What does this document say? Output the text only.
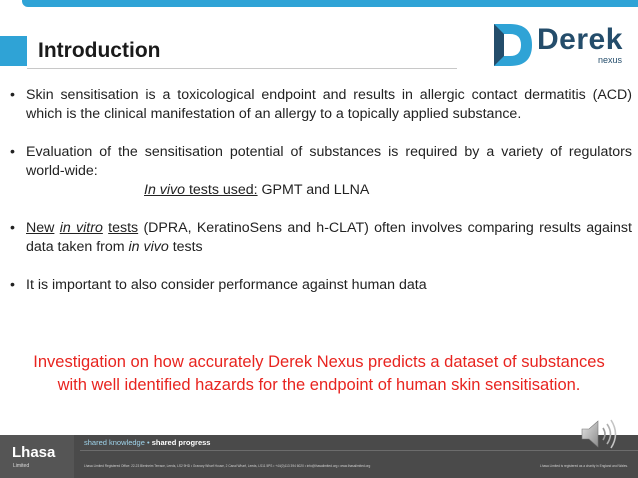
Introduction	Derek
nexus
• Skin sensitisation is a toxicological endpoint and results in allergic contact dermatitis (ACD) which is the clinical manifestation of an allergy to a topically applied substance.
• Evaluation of the sensitisation potential of substances is required by a variety of regulators world-wide:
In vivo tests used: GPMT and LLNA
• New in vitro tests (DPRA, KeratinoSens and h-CLAT) often involves comparing results against data taken from in vivo tests
• It is important to also consider performance against human data
Investigation on how accurately Derek Nexus predicts a dataset of substances
with well identified hazards for the endpoint of human skin sensitisation.
Lhasa
Limited
shared knowledge • shared progress
Lhasa Limited Registered Office: 22-23 Blenheim Terrace, Leeds, LS2 9HD • Granary Wharf House, 2 Canal Wharf, Leeds, LS11 5PS • +44(0)113 394 6020 • info@lhasalimited.org • www.lhasalimited.org	Lhasa Limited is registered as a charity in England and Wales.
